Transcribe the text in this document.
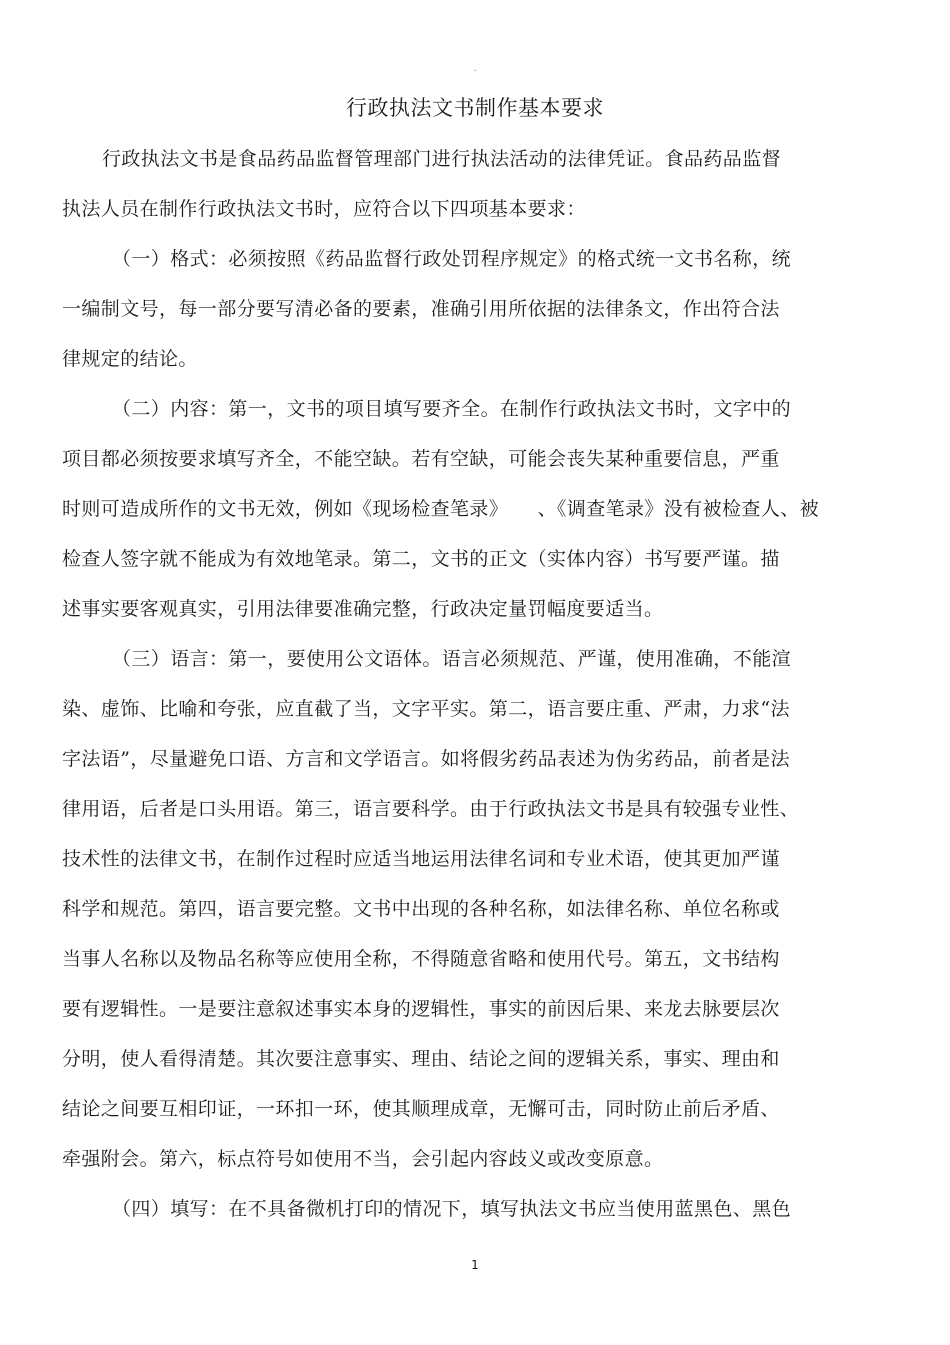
-
行政执法文书制作基本要求
行政执法文书是食品药品监督管理部门进行执法活动的法律凭证。食品药品监督
执法人员在制作行政执法文书时，应符合以下四项基本要求：
（一）格式：必须按照《药品监督行政处罚程序规定》的格式统一文书名称，统
一编制文号，每一部分要写清必备的要素，准确引用所依据的法律条文，作出符合法
律规定的结论。
（二）内容：第一，文书的项目填写要齐全。在制作行政执法文书时，文字中的
项目都必须按要求填写齐全，不能空缺。若有空缺，可能会丧失某种重要信息，严重
时则可造成所作的文书无效，例如《现场检查笔录》　　、《调查笔录》没有被检查人、被
检查人签字就不能成为有效地笔录。第二，文书的正文（实体内容）书写要严谨。描
述事实要客观真实，引用法律要准确完整，行政决定量罚幅度要适当。
（三）语言：第一，要使用公文语体。语言必须规范、严谨，使用准确，不能渲
染、虚饰、比喻和夸张，应直截了当，文字平实。第二，语言要庄重、严肃，力求“法
字法语”，尽量避免口语、方言和文学语言。如将假劣药品表述为伪劣药品，前者是法
律用语，后者是口头用语。第三，语言要科学。由于行政执法文书是具有较强专业性、
技术性的法律文书，在制作过程时应适当地运用法律名词和专业术语，使其更加严谨
科学和规范。第四，语言要完整。文书中出现的各种名称，如法律名称、单位名称或
当事人名称以及物品名称等应使用全称，不得随意省略和使用代号。第五，文书结构
要有逻辑性。一是要注意叙述事实本身的逻辑性，事实的前因后果、来龙去脉要层次
分明，使人看得清楚。其次要注意事实、理由、结论之间的逻辑关系，事实、理由和
结论之间要互相印证，一环扣一环，使其顺理成章，无懈可击，同时防止前后矛盾、
牵强附会。第六，标点符号如使用不当，会引起内容歧义或改变原意。
（四）填写：在不具备微机打印的情况下，填写执法文书应当使用蓝黑色、黑色
1
